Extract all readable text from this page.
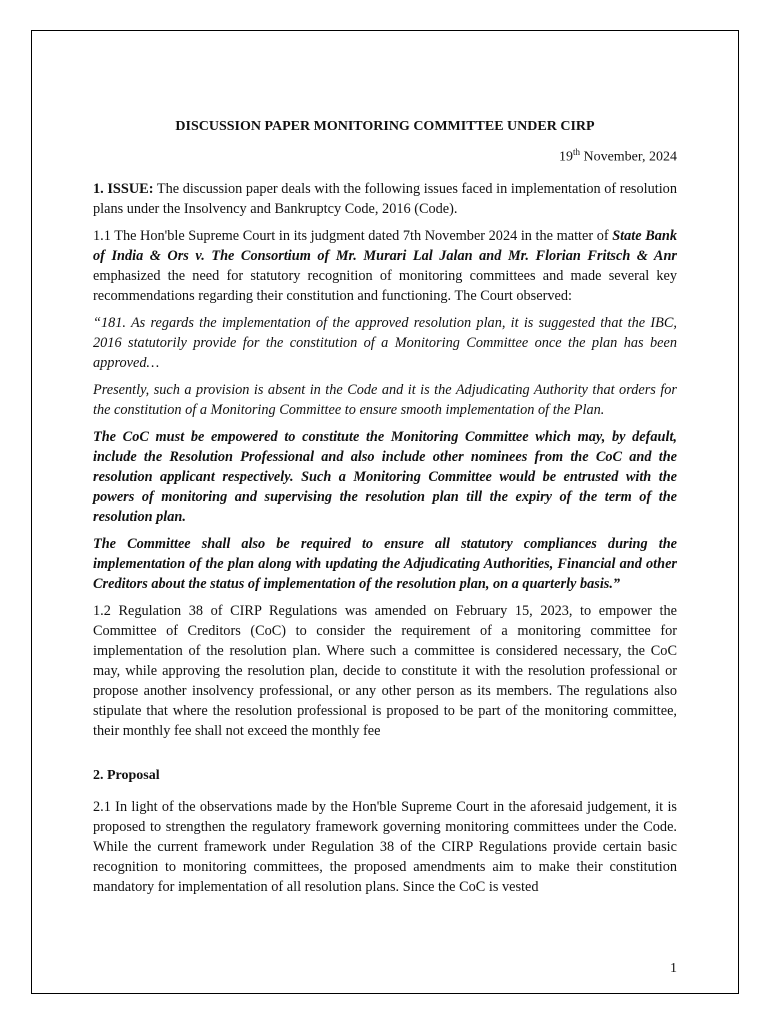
DISCUSSION PAPER MONITORING COMMITTEE UNDER CIRP
19th November, 2024

1. ISSUE: The discussion paper deals with the following issues faced in implementation of resolution plans under the Insolvency and Bankruptcy Code, 2016 (Code).

1.1 The Hon'ble Supreme Court in its judgment dated 7th November 2024 in the matter of State Bank of India & Ors v. The Consortium of Mr. Murari Lal Jalan and Mr. Florian Fritsch & Anr emphasized the need for statutory recognition of monitoring committees and made several key recommendations regarding their constitution and functioning. The Court observed:

“181. As regards the implementation of the approved resolution plan, it is suggested that the IBC, 2016 statutorily provide for the constitution of a Monitoring Committee once the plan has been approved…

Presently, such a provision is absent in the Code and it is the Adjudicating Authority that orders for the constitution of a Monitoring Committee to ensure smooth implementation of the Plan.

The CoC must be empowered to constitute the Monitoring Committee which may, by default, include the Resolution Professional and also include other nominees from the CoC and the resolution applicant respectively. Such a Monitoring Committee would be entrusted with the powers of monitoring and supervising the resolution plan till the expiry of the term of the resolution plan.

The Committee shall also be required to ensure all statutory compliances during the implementation of the plan along with updating the Adjudicating Authorities, Financial and other Creditors about the status of implementation of the resolution plan, on a quarterly basis.”

1.2 Regulation 38 of CIRP Regulations was amended on February 15, 2023, to empower the Committee of Creditors (CoC) to consider the requirement of a monitoring committee for implementation of the resolution plan. Where such a committee is considered necessary, the CoC may, while approving the resolution plan, decide to constitute it with the resolution professional or propose another insolvency professional, or any other person as its members. The regulations also stipulate that where the resolution professional is proposed to be part of the monitoring committee, their monthly fee shall not exceed the monthly fee

2. Proposal

2.1 In light of the observations made by the Hon'ble Supreme Court in the aforesaid judgement, it is proposed to strengthen the regulatory framework governing monitoring committees under the Code. While the current framework under Regulation 38 of the CIRP Regulations provide certain basic recognition to monitoring committees, the proposed amendments aim to make their constitution mandatory for implementation of all resolution plans. Since the CoC is vested

1
